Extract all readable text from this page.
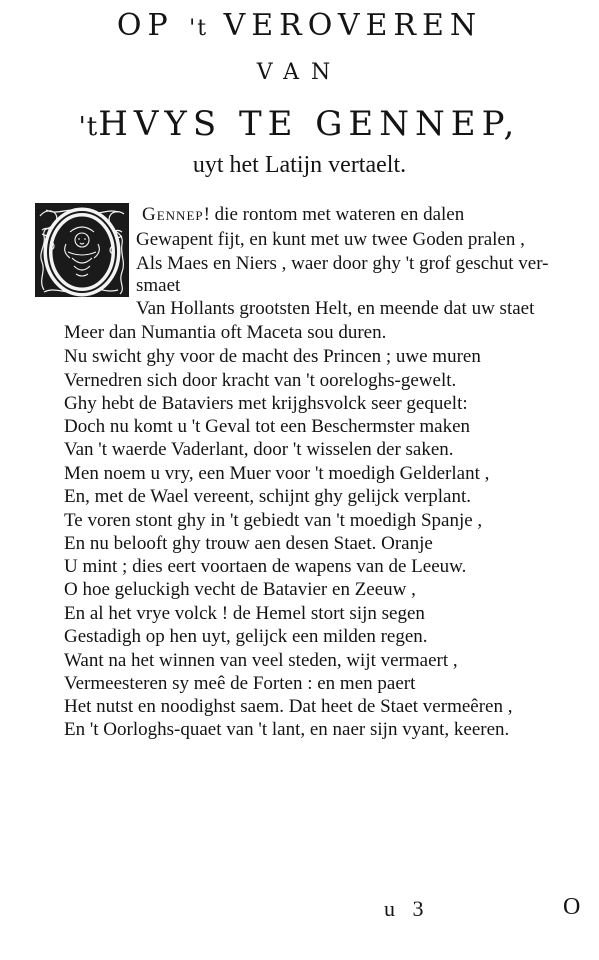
OP 't VEROVEREN
VAN
'tHVYS TE GENNEP,
uyt het Latijn vertaelt.
Gennep! die rontom met wateren en dalen
Gewapent fijt, en kunt met uw twee Goden pralen ,
Als Maes en Niers , waer door ghy 't grof geschut ver-
smaet
Van Hollants grootsten Helt, en meende dat uw staet
Meer dan Numantia oft Maceta sou duren.
Nu swicht ghy voor de macht des Princen ; uwe muren
Vernedren sich door kracht van 't ooreloghs-gewelt.
Ghy hebt de Bataviers met krijghsvolck seer gequelt:
Doch nu komt u 't Geval tot een Beschermster maken
Van 't waerde Vaderlant, door 't wisselen der saken.
Men noem u vry, een Muer voor 't moedigh Gelderlant ,
En, met de Wael vereent, schijnt ghy gelijck verplant.
Te voren stont ghy in 't gebiedt van 't moedigh Spanje ,
En nu belooft ghy trouw aen desen Staet. Oranje
U mint ; dies eert voortaen de wapens van de Leeuw.
O hoe geluckigh vecht de Batavier en Zeeuw ,
En al het vrye volck ! de Hemel stort sijn segen
Gestadigh op hen uyt, gelijck een milden regen.
Want na het winnen van veel steden, wijt vermaert ,
Vermeesteren sy meê de Forten : en men paert
Het nutst en noodighst saem. Dat heet de Staet vermeêren ,
En 't Oorloghs-quaet van 't lant, en naer sijn vyant, keeren.
u 3	O
